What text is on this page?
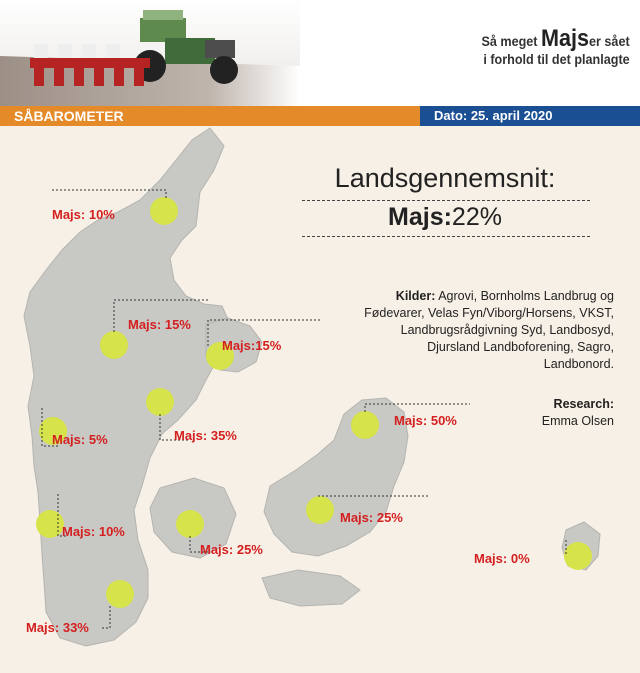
Så meget Majser sået
i forhold til det planlagte
SÅBAROMETER	Dato: 25. april 2020
Landsgennemsnit:
Majs:22%
Kilder: Agrovi, Bornholms Landbrug og
Fødevarer, Velas Fyn/Viborg/Horsens, VKST,
Landbrugsrådgivning Syd, Landbosyd,
Djursland Landboforening, Sagro,
Landbonord.
Research:
Emma Olsen
Majs: 10%
Majs: 15%
Majs:15%
Majs: 5%	Majs: 35%
Majs: 50%
Majs: 10%
Majs: 25%
Majs: 25%
Majs: 0%
Majs: 33%
